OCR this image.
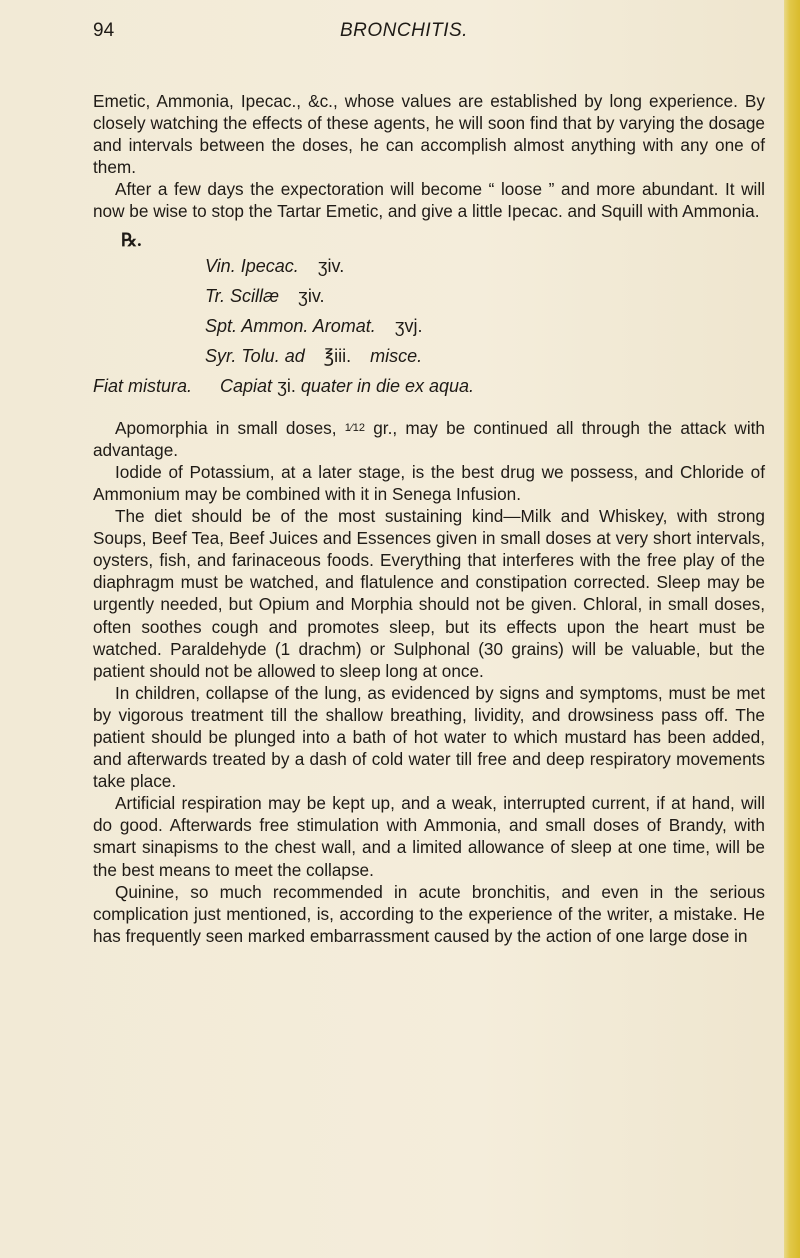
94	BRONCHITIS.

Emetic, Ammonia, Ipecac., &c., whose values are established by long experience. By closely watching the effects of these agents, he will soon find that by varying the dosage and intervals between the doses, he can accomplish almost anything with any one of them.

After a few days the expectoration will become “ loose ” and more abundant. It will now be wise to stop the Tartar Emetic, and give a little Ipecac. and Squill with Ammonia.

℞.
Vin. Ipecac. ʒiv.
Tr. Scillæ ʒiv.
Spt. Ammon. Aromat. ʒvj.
Syr. Tolu. ad ℥iii. misce.
Fiat mistura. Capiat ʒi. quater in die ex aqua.

Apomorphia in small doses, 1⁄12 gr., may be continued all through the attack with advantage.

Iodide of Potassium, at a later stage, is the best drug we possess, and Chloride of Ammonium may be combined with it in Senega Infusion.

The diet should be of the most sustaining kind—Milk and Whiskey, with strong Soups, Beef Tea, Beef Juices and Essences given in small doses at very short intervals, oysters, fish, and farinaceous foods. Everything that interferes with the free play of the diaphragm must be watched, and flatulence and constipation corrected. Sleep may be urgently needed, but Opium and Morphia should not be given. Chloral, in small doses, often soothes cough and promotes sleep, but its effects upon the heart must be watched. Paraldehyde (1 drachm) or Sulphonal (30 grains) will be valuable, but the patient should not be allowed to sleep long at once.

In children, collapse of the lung, as evidenced by signs and symptoms, must be met by vigorous treatment till the shallow breathing, lividity, and drowsiness pass off. The patient should be plunged into a bath of hot water to which mustard has been added, and afterwards treated by a dash of cold water till free and deep respiratory movements take place.

Artificial respiration may be kept up, and a weak, interrupted current, if at hand, will do good. Afterwards free stimulation with Ammonia, and small doses of Brandy, with smart sinapisms to the chest wall, and a limited allowance of sleep at one time, will be the best means to meet the collapse.

Quinine, so much recommended in acute bronchitis, and even in the serious complication just mentioned, is, according to the experience of the writer, a mistake. He has frequently seen marked embarrassment caused by the action of one large dose in
